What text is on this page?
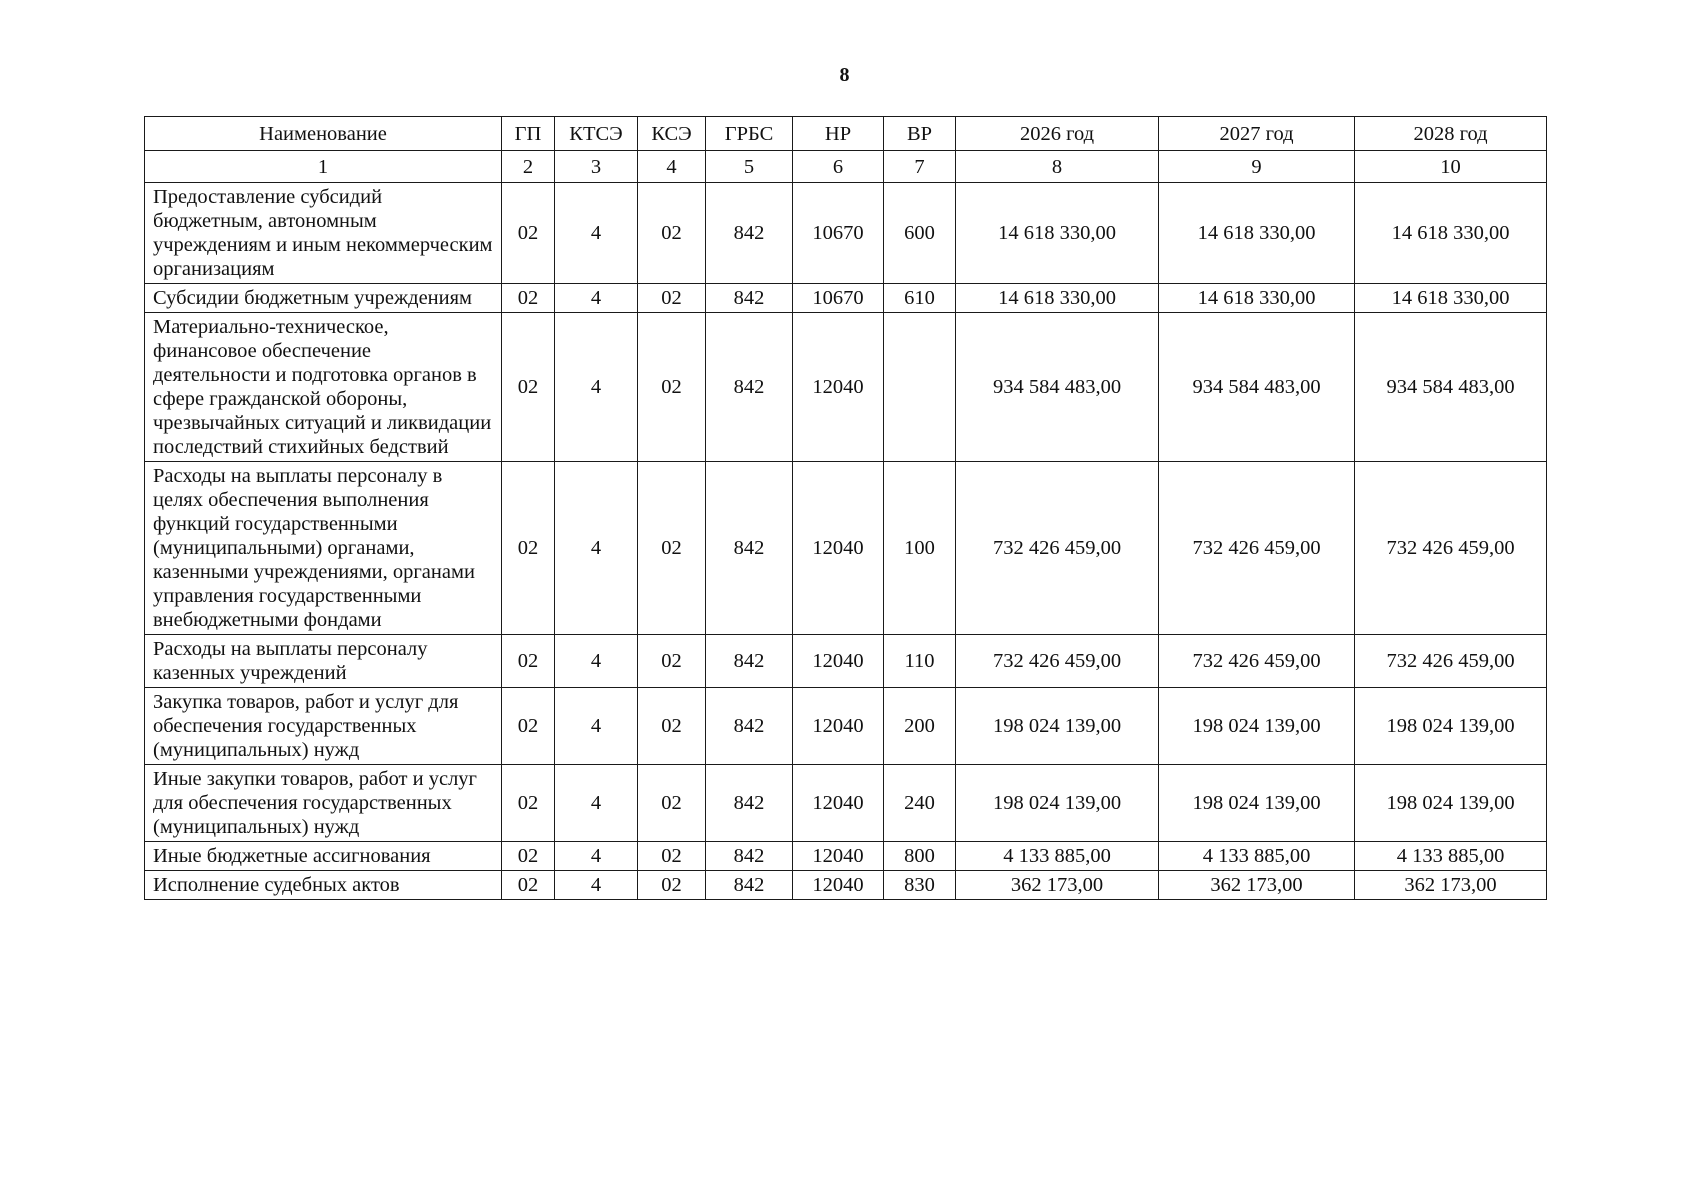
8
Наименование	ГП	КТСЭ	КСЭ	ГРБС	НР	ВР	2026 год	2027 год	2028 год
1	2	3	4	5	6	7	8	9	10
Предоставление субсидий бюджетным, автономным учреждениям и иным некоммерческим организациям	02	4	02	842	10670	600	14 618 330,00	14 618 330,00	14 618 330,00
Субсидии бюджетным учреждениям	02	4	02	842	10670	610	14 618 330,00	14 618 330,00	14 618 330,00
Материально-техническое, финансовое обеспечение деятельности и подготовка органов в сфере гражданской обороны, чрезвычайных ситуаций и ликвидации последствий стихийных бедствий	02	4	02	842	12040		934 584 483,00	934 584 483,00	934 584 483,00
Расходы на выплаты персоналу в целях обеспечения выполнения функций государственными (муниципальными) органами, казенными учреждениями, органами управления государственными внебюджетными фондами	02	4	02	842	12040	100	732 426 459,00	732 426 459,00	732 426 459,00
Расходы на выплаты персоналу казенных учреждений	02	4	02	842	12040	110	732 426 459,00	732 426 459,00	732 426 459,00
Закупка товаров, работ и услуг для обеспечения государственных (муниципальных) нужд	02	4	02	842	12040	200	198 024 139,00	198 024 139,00	198 024 139,00
Иные закупки товаров, работ и услуг для обеспечения государственных (муниципальных) нужд	02	4	02	842	12040	240	198 024 139,00	198 024 139,00	198 024 139,00
Иные бюджетные ассигнования	02	4	02	842	12040	800	4 133 885,00	4 133 885,00	4 133 885,00
Исполнение судебных актов	02	4	02	842	12040	830	362 173,00	362 173,00	362 173,00
